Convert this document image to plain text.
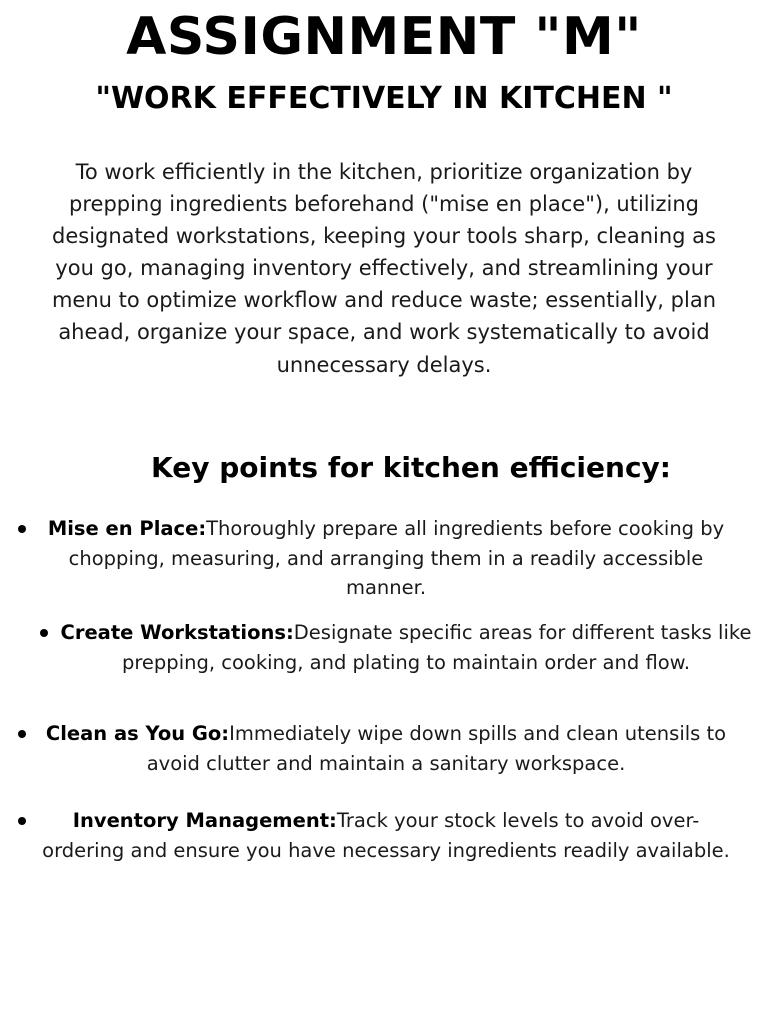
ASSIGNMENT "M"
"WORK EFFECTIVELY IN KITCHEN "

To work efficiently in the kitchen, prioritize organization by prepping ingredients beforehand ("mise en place"), utilizing designated workstations, keeping your tools sharp, cleaning as you go, managing inventory effectively, and streamlining your menu to optimize workflow and reduce waste; essentially, plan ahead, organize your space, and work systematically to avoid unnecessary delays.

Key points for kitchen efficiency:

Mise en Place:Thoroughly prepare all ingredients before cooking by chopping, measuring, and arranging them in a readily accessible manner.

Create Workstations:Designate specific areas for different tasks like prepping, cooking, and plating to maintain order and flow.

Clean as You Go:Immediately wipe down spills and clean utensils to avoid clutter and maintain a sanitary workspace.

Inventory Management:Track your stock levels to avoid over-ordering and ensure you have necessary ingredients readily available.
